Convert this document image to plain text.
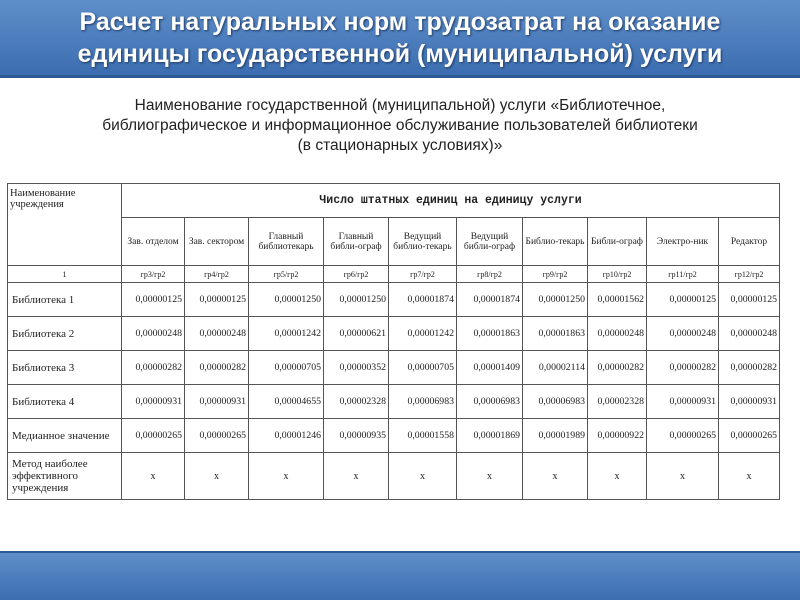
Расчет натуральных норм трудозатрат на оказание
единицы государственной (муниципальной) услуги
Наименование государственной (муниципальной) услуги «Библиотечное,
библиографическое и информационное обслуживание пользователей библиотеки
(в стационарных условиях)»
Наименование учреждения	Число штатных единиц на единицу услуги									
	Зав. отделом	Зав. сектором	Главный библиотекарь	Главный библи-ограф	Ведущий библио-текарь	Ведущий библи-ограф	Библио-текарь	Библи-ограф	Электро-ник	Редактор
1	гр3/гр2	гр4/гр2	гр5/гр2	гр6/гр2	гр7/гр2	гр8/гр2	гр9/гр2	гр10/гр2	гр11/гр2	гр12/гр2
Библиотека 1	0,00000125	0,00000125	0,00001250	0,00001250	0,00001874	0,00001874	0,00001250	0,00001562	0,00000125	0,00000125
Библиотека 2	0,00000248	0,00000248	0,00001242	0,00000621	0,00001242	0,00001863	0,00001863	0,00000248	0,00000248	0,00000248
Библиотека 3	0,00000282	0,00000282	0,00000705	0,00000352	0,00000705	0,00001409	0,00002114	0,00000282	0,00000282	0,00000282
Библиотека 4	0,00000931	0,00000931	0,00004655	0,00002328	0,00006983	0,00006983	0,00006983	0,00002328	0,00000931	0,00000931
Медианное значение	0,00000265	0,00000265	0,00001246	0,00000935	0,00001558	0,00001869	0,00001989	0,00000922	0,00000265	0,00000265
Метод наиболее эффективного учреждения	х	х	х	х	х	х	х	х	х	х
